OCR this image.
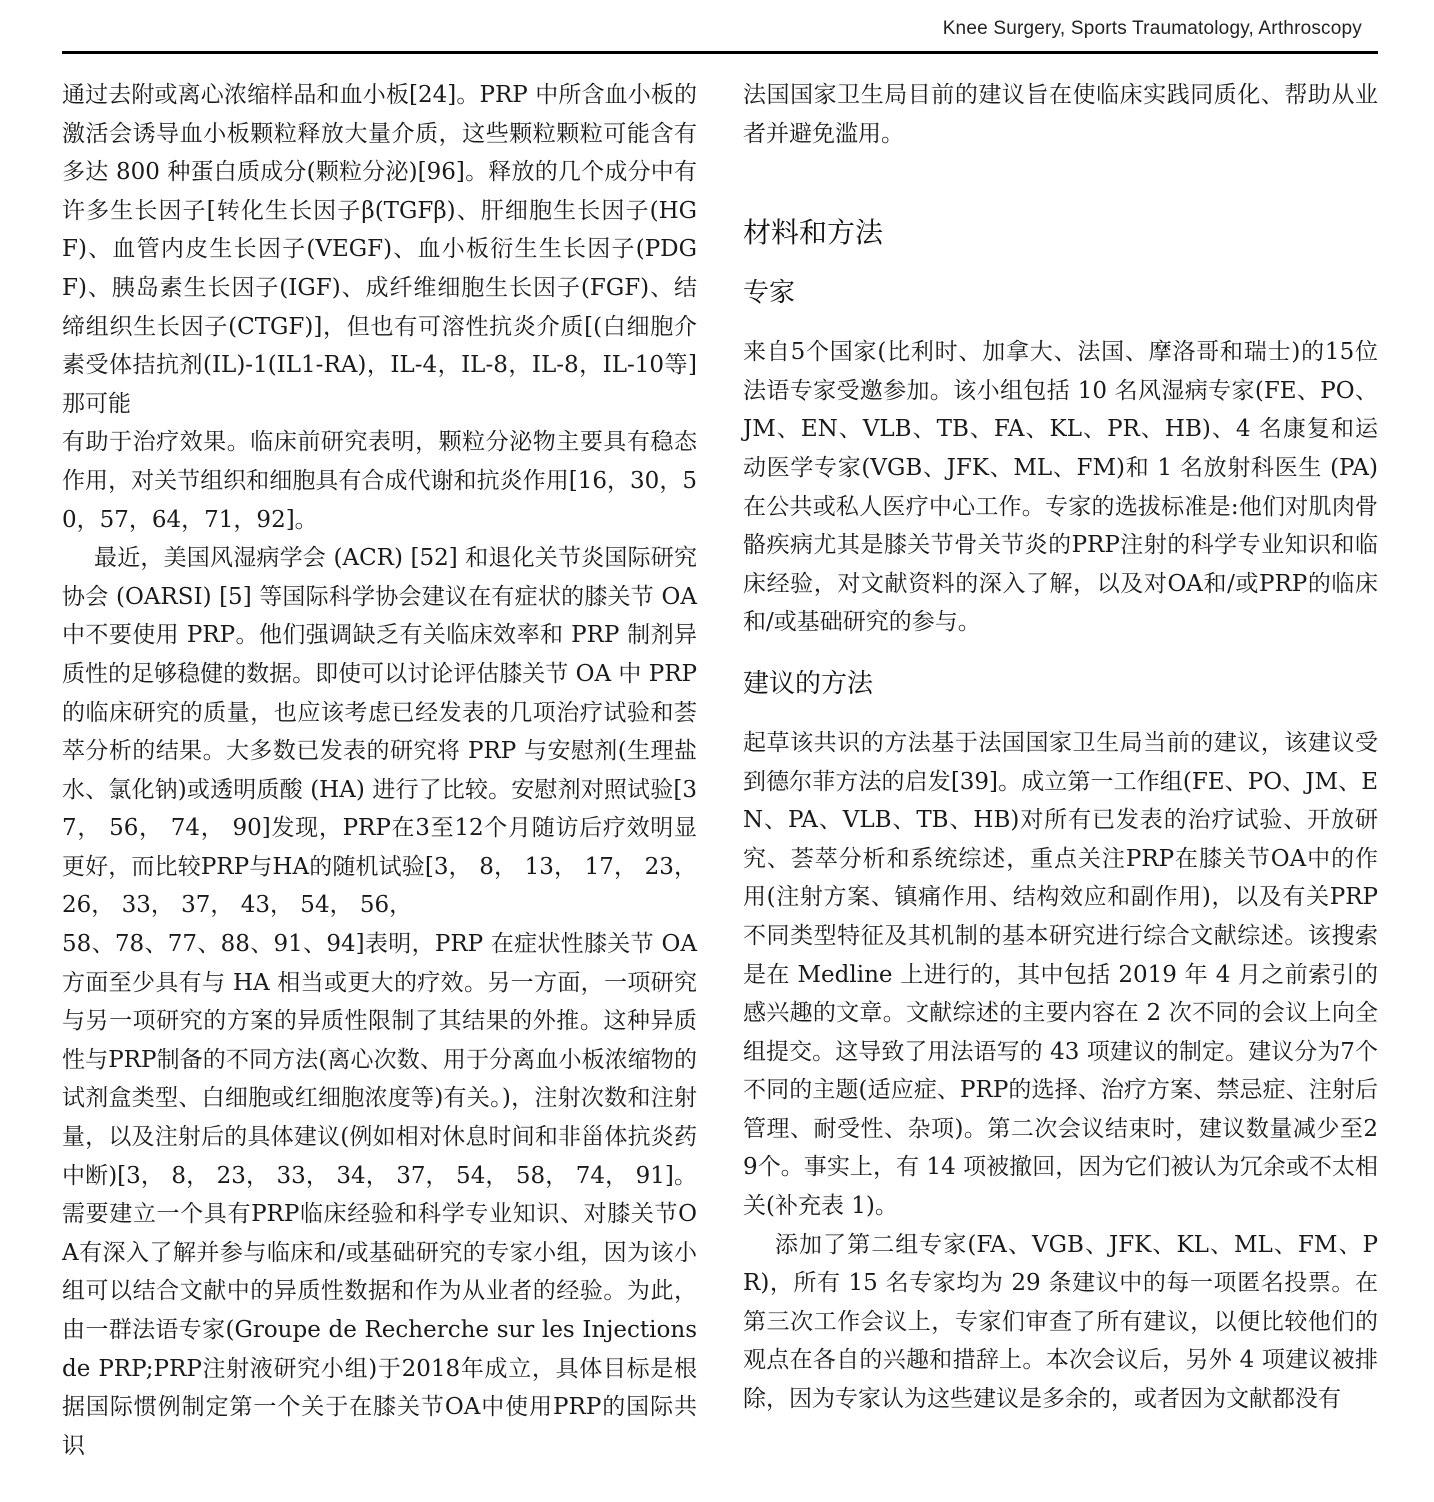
Knee Surgery, Sports Traumatology, Arthroscopy

通过去附或离心浓缩样品和血小板[24]。PRP 中所含血小板的激活会诱导血小板颗粒释放大量介质，这些颗粒颗粒可能含有多达 800 种蛋白质成分(颗粒分泌)[96]。释放的几个成分中有许多生长因子[转化生长因子β(TGFβ)、肝细胞生长因子(HGF)、血管内皮生长因子(VEGF)、血小板衍生生长因子(PDGF)、胰岛素生长因子(IGF)、成纤维细胞生长因子(FGF)、结缔组织生长因子(CTGF)]，但也有可溶性抗炎介质[(白细胞介素受体拮抗剂(IL)-1(IL1-RA)，IL-4，IL-8，IL-8，IL-10等]那可能

有助于治疗效果。临床前研究表明，颗粒分泌物主要具有稳态作用，对关节组织和细胞具有合成代谢和抗炎作用[16，30，50，57，64，71，92]。

最近，美国风湿病学会 (ACR) [52] 和退化关节炎国际研究协会 (OARSI) [5] 等国际科学协会建议在有症状的膝关节 OA 中不要使用 PRP。他们强调缺乏有关临床效率和 PRP 制剂异质性的足够稳健的数据。即使可以讨论评估膝关节 OA 中 PRP 的临床研究的质量，也应该考虑已经发表的几项治疗试验和荟萃分析的结果。大多数已发表的研究将 PRP 与安慰剂(生理盐水、氯化钠)或透明质酸 (HA) 进行了比较。安慰剂对照试验[37， 56， 74， 90]发现，PRP在3至12个月随访后疗效明显更好，而比较PRP与HA的随机试验[3， 8， 13， 17， 23， 26， 33， 37， 43， 54， 56，

58、78、77、88、91、94]表明，PRP 在症状性膝关节 OA 方面至少具有与 HA 相当或更大的疗效。另一方面，一项研究与另一项研究的方案的异质性限制了其结果的外推。这种异质性与PRP制备的不同方法(离心次数、用于分离血小板浓缩物的试剂盒类型、白细胞或红细胞浓度等)有关。)，注射次数和注射量，以及注射后的具体建议(例如相对休息时间和非甾体抗炎药中断)[3， 8， 23， 33， 34， 37， 54， 58， 74， 91]。需要建立一个具有PRP临床经验和科学专业知识、对膝关节OA有深入了解并参与临床和/或基础研究的专家小组，因为该小组可以结合文献中的异质性数据和作为从业者的经验。为此，由一群法语专家(Groupe de Recherche sur les Injections de PRP;PRP注射液研究小组)于2018年成立，具体目标是根据国际惯例制定第一个关于在膝关节OA中使用PRP的国际共识

法国国家卫生局目前的建议旨在使临床实践同质化、帮助从业者并避免滥用。

材料和方法
专家

来自5个国家(比利时、加拿大、法国、摩洛哥和瑞士)的15位法语专家受邀参加。该小组包括 10 名风湿病专家(FE、PO、JM、EN、VLB、TB、FA、KL、PR、HB)、4 名康复和运动医学专家(VGB、JFK、ML、FM)和 1 名放射科医生 (PA) 在公共或私人医疗中心工作。专家的选拔标准是:他们对肌肉骨骼疾病尤其是膝关节骨关节炎的PRP注射的科学专业知识和临床经验，对文献资料的深入了解，以及对OA和/或PRP的临床和/或基础研究的参与。

建议的方法

起草该共识的方法基于法国国家卫生局当前的建议，该建议受到德尔菲方法的启发[39]。成立第一工作组(FE、PO、JM、EN、PA、VLB、TB、HB)对所有已发表的治疗试验、开放研究、荟萃分析和系统综述，重点关注PRP在膝关节OA中的作用(注射方案、镇痛作用、结构效应和副作用)，以及有关PRP不同类型特征及其机制的基本研究进行综合文献综述。该搜索是在 Medline 上进行的，其中包括 2019 年 4 月之前索引的感兴趣的文章。文献综述的主要内容在 2 次不同的会议上向全组提交。这导致了用法语写的 43 项建议的制定。建议分为7个不同的主题(适应症、PRP的选择、治疗方案、禁忌症、注射后管理、耐受性、杂项)。第二次会议结束时，建议数量减少至29个。事实上，有 14 项被撤回，因为它们被认为冗余或不太相关(补充表 1)。

添加了第二组专家(FA、VGB、JFK、KL、ML、FM、PR)，所有 15 名专家均为 29 条建议中的每一项匿名投票。在第三次工作会议上，专家们审查了所有建议，以便比较他们的观点在各自的兴趣和措辞上。本次会议后，另外 4 项建议被排除，因为专家认为这些建议是多余的，或者因为文献都没有
